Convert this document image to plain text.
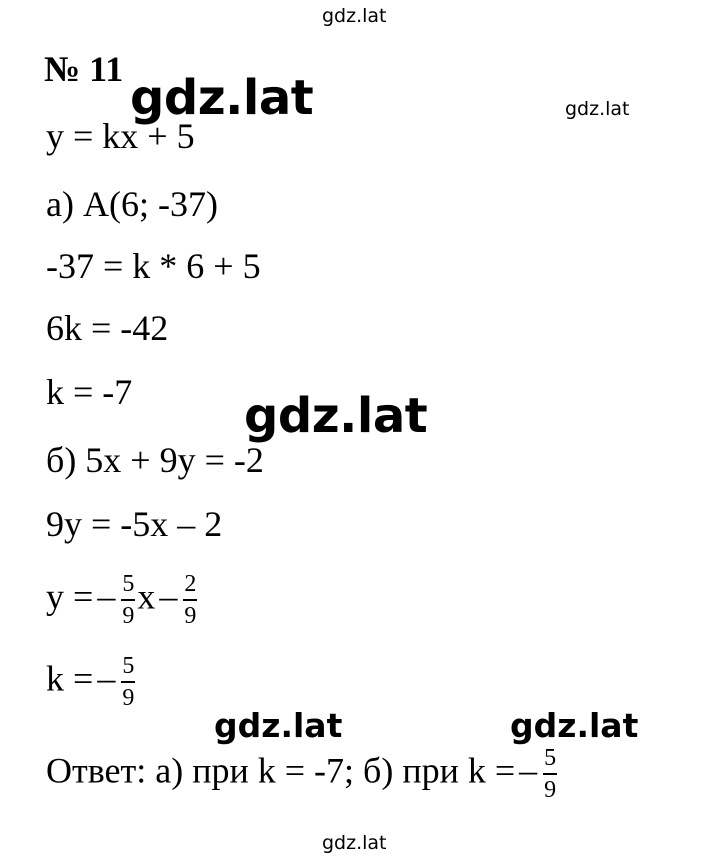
gdz.lat
№ 11
gdz.lat	gdz.lat
y = kx + 5
а) A(6; -37)
-37 = k * 6 + 5
6k = -42
k = -7 gdz.lat
б) 5x + 9y = -2
9y = -5x – 2
y = – $\frac{5}{9}$ x – $\frac{2}{9}$
k = – $\frac{5}{9}$
gdz.lat	gdz.lat
Ответ: а) при k = -7; б) при k = – $\frac{5}{9}$
gdz.lat
